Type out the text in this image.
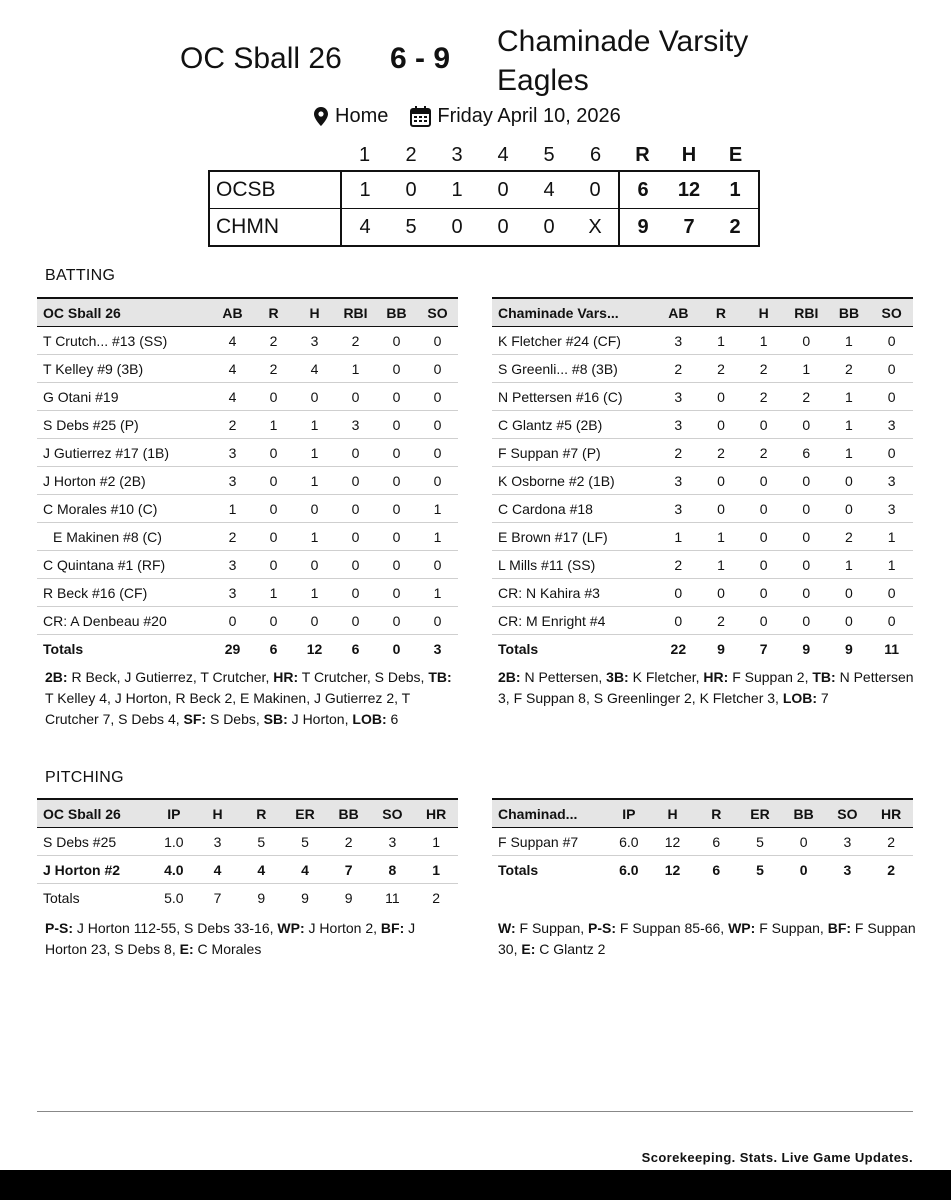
OC Sball 26 6 - 9
Chaminade Varsity Eagles
Home Friday April 10, 2026
	1	2	3	4	5	6	R	H	E
OCSB	1	0	1	0	4	0	6	12	1
CHMN	4	5	0	0	0	X	9	7	2
BATTING
OC Sball 26	AB	R	H	RBI	BB	SO
T Crutch... #13 (SS)	4	2	3	2	0	0
T Kelley #9 (3B)	4	2	4	1	0	0
G Otani #19	4	0	0	0	0	0
S Debs #25 (P)	2	1	1	3	0	0
J Gutierrez #17 (1B)	3	0	1	0	0	0
J Horton #2 (2B)	3	0	1	0	0	0
C Morales #10 (C)	1	0	0	0	0	1
E Makinen #8 (C)	2	0	1	0	0	1
C Quintana #1 (RF)	3	0	0	0	0	0
R Beck #16 (CF)	3	1	1	0	0	1
CR: A Denbeau #20	0	0	0	0	0	0
Totals	29	6	12	6	0	3
Chaminade Vars...	AB	R	H	RBI	BB	SO
K Fletcher #24 (CF)	3	1	1	0	1	0
S Greenli... #8 (3B)	2	2	2	1	2	0
N Pettersen #16 (C)	3	0	2	2	1	0
C Glantz #5 (2B)	3	0	0	0	1	3
F Suppan #7 (P)	2	2	2	6	1	0
K Osborne #2 (1B)	3	0	0	0	0	3
C Cardona #18	3	0	0	0	0	3
E Brown #17 (LF)	1	1	0	0	2	1
L Mills #11 (SS)	2	1	0	0	1	1
CR: N Kahira #3	0	0	0	0	0	0
CR: M Enright #4	0	2	0	0	0	0
Totals	22	9	7	9	9	11
2B: R Beck, J Gutierrez, T Crutcher, HR: T Crutcher, S Debs, TB: T Kelley 4, J Horton, R Beck 2, E Makinen, J Gutierrez 2, T Crutcher 7, S Debs 4, SF: S Debs, SB: J Horton, LOB: 6
2B: N Pettersen, 3B: K Fletcher, HR: F Suppan 2, TB: N Pettersen 3, F Suppan 8, S Greenlinger 2, K Fletcher 3, LOB: 7
PITCHING
OC Sball 26	IP	H	R	ER	BB	SO	HR
S Debs #25	1.0	3	5	5	2	3	1
J Horton #2	4.0	4	4	4	7	8	1
Totals	5.0	7	9	9	9	11	2
Chaminad...	IP	H	R	ER	BB	SO	HR
F Suppan #7	6.0	12	6	5	0	3	2
Totals	6.0	12	6	5	0	3	2
P-S: J Horton 112-55, S Debs 33-16, WP: J Horton 2, BF: J Horton 23, S Debs 8, E: C Morales
W: F Suppan, P-S: F Suppan 85-66, WP: F Suppan, BF: F Suppan 30, E: C Glantz 2
Scorekeeping. Stats. Live Game Updates.
